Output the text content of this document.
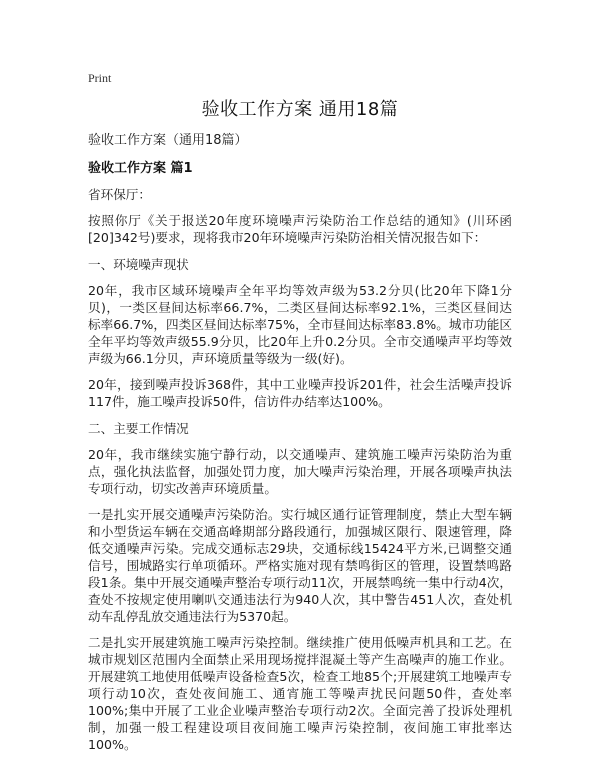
Print
验收工作方案 通用18篇
验收工作方案（通用18篇）
验收工作方案 篇1

省环保厅：

按照你厅《关于报送20年度环境噪声污染防治工作总结的通知》(川环函[20]342号)要求，现将我市20年环境噪声污染防治相关情况报告如下：

一、环境噪声现状

20年，我市区域环境噪声全年平均等效声级为53.2分贝(比20年下降1分贝)，一类区昼间达标率66.7%，二类区昼间达标率92.1%，三类区昼间达标率66.7%，四类区昼间达标率75%，全市昼间达标率83.8%。城市功能区全年平均等效声级55.9分贝，比20年上升0.2分贝。全市交通噪声平均等效声级为66.1分贝，声环境质量等级为一级(好)。

20年，接到噪声投诉368件，其中工业噪声投诉201件，社会生活噪声投诉117件，施工噪声投诉50件，信访件办结率达100%。

二、主要工作情况

20年，我市继续实施宁静行动，以交通噪声、建筑施工噪声污染防治为重点，强化执法监督，加强处罚力度，加大噪声污染治理，开展各项噪声执法专项行动，切实改善声环境质量。

一是扎实开展交通噪声污染防治。实行城区通行证管理制度，禁止大型车辆和小型货运车辆在交通高峰期部分路段通行，加强城区限行、限速管理，降低交通噪声污染。完成交通标志29块，交通标线15424平方米,已调整交通信号，围城路实行单项循环。严格实施对现有禁鸣街区的管理，设置禁鸣路段1条。集中开展交通噪声整治专项行动11次，开展禁鸣统一集中行动4次，查处不按规定使用喇叭交通违法行为940人次，其中警告451人次，查处机动车乱停乱放交通违法行为5370起。

二是扎实开展建筑施工噪声污染控制。继续推广使用低噪声机具和工艺。在城市规划区范围内全面禁止采用现场搅拌混凝土等产生高噪声的施工作业。开展建筑工地使用低噪声设备检查5次，检查工地85个;开展建筑工地噪声专项行动10次，查处夜间施工、通宵施工等噪声扰民问题50件，查处率100%;集中开展了工业企业噪声整治专项行动2次。全面完善了投诉处理机制，加强一般工程建设项目夜间施工噪声污染控制，夜间施工审批率达100%。
